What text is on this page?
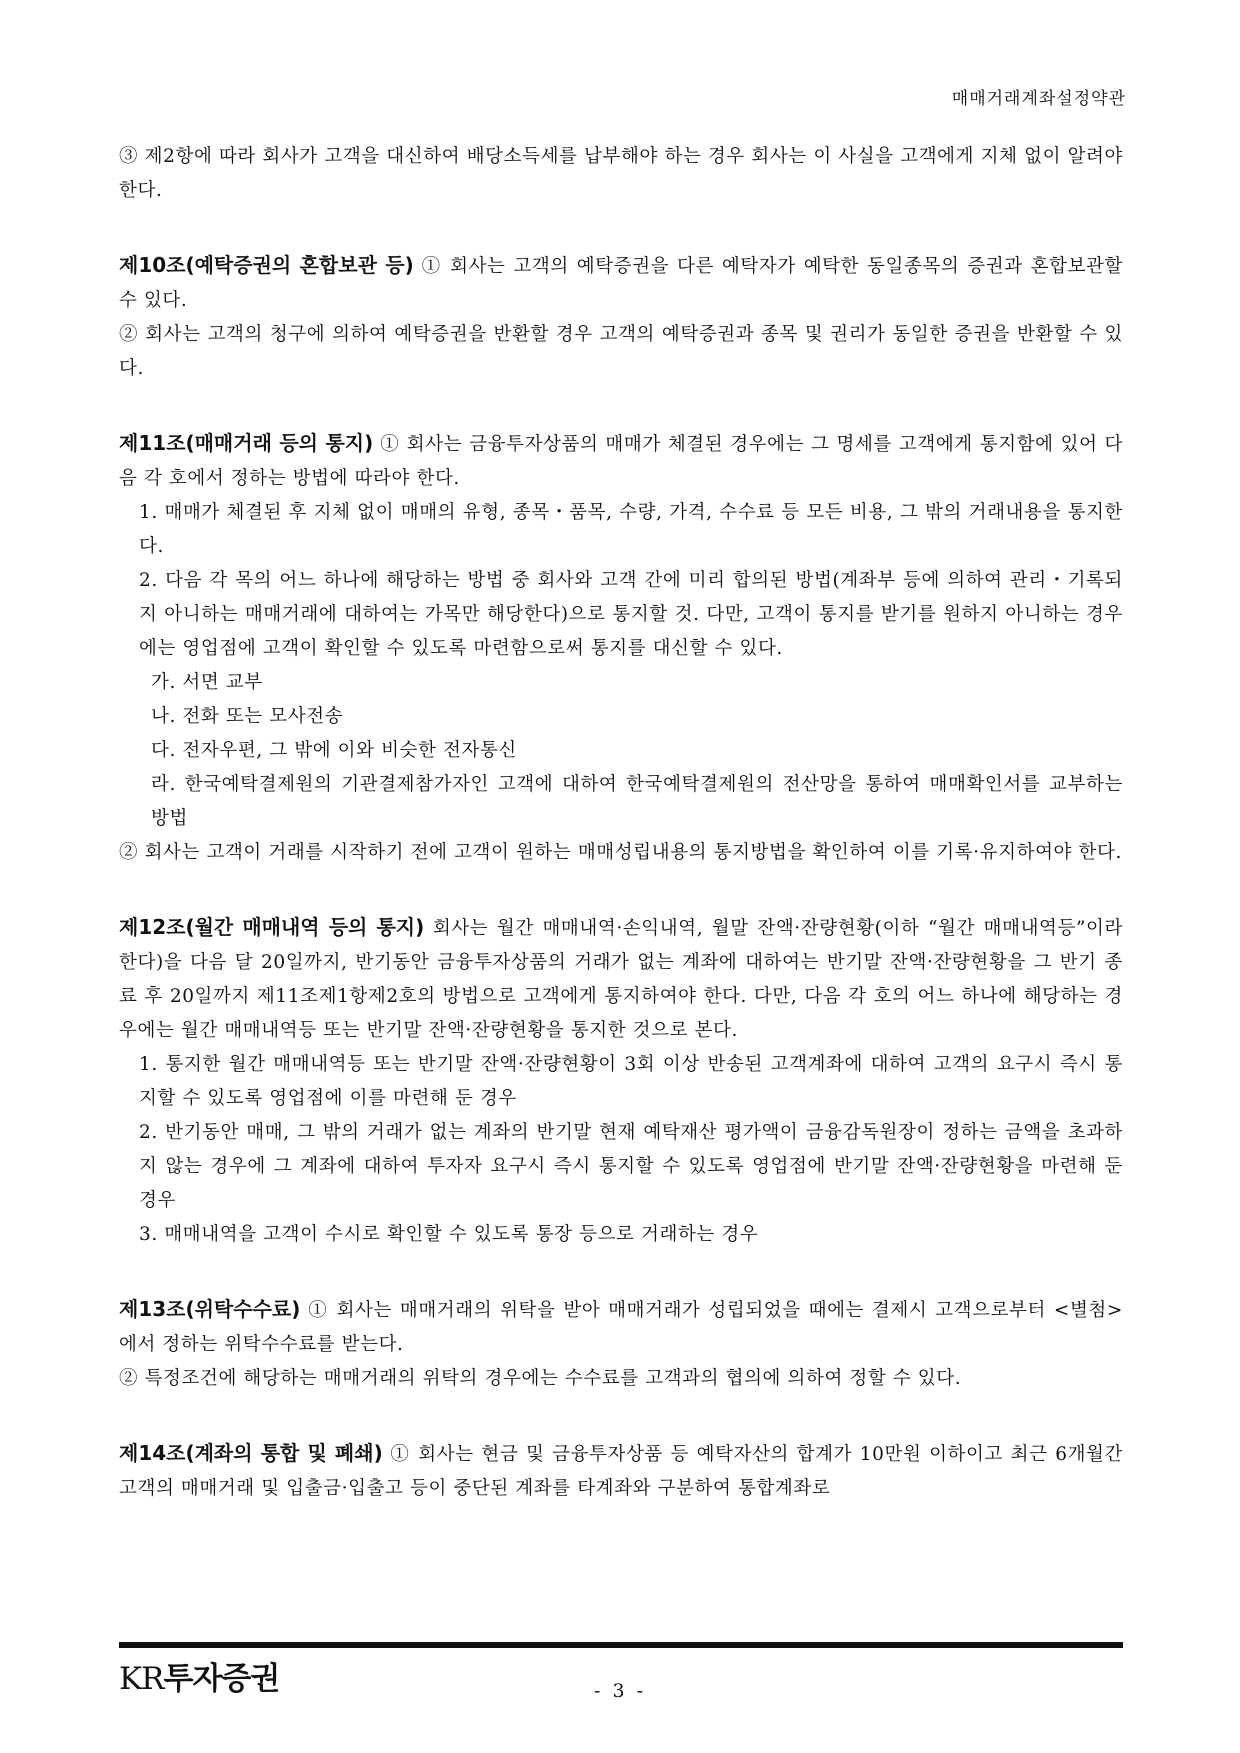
매매거래계좌설정약관

③ 제2항에 따라 회사가 고객을 대신하여 배당소득세를 납부해야 하는 경우 회사는 이 사실을 고객에게 지체 없이 알려야 한다.

제10조(예탁증권의 혼합보관 등) ① 회사는 고객의 예탁증권을 다른 예탁자가 예탁한 동일종목의 증권과 혼합보관할 수 있다.

② 회사는 고객의 청구에 의하여 예탁증권을 반환할 경우 고객의 예탁증권과 종목 및 권리가 동일한 증권을 반환할 수 있다.

제11조(매매거래 등의 통지) ① 회사는 금융투자상품의 매매가 체결된 경우에는 그 명세를 고객에게 통지함에 있어 다음 각 호에서 정하는 방법에 따라야 한다.

1. 매매가 체결된 후 지체 없이 매매의 유형, 종목・품목, 수량, 가격, 수수료 등 모든 비용, 그 밖의 거래내용을 통지한다.

2. 다음 각 목의 어느 하나에 해당하는 방법 중 회사와 고객 간에 미리 합의된 방법(계좌부 등에 의하여 관리・기록되지 아니하는 매매거래에 대하여는 가목만 해당한다)으로 통지할 것. 다만, 고객이 통지를 받기를 원하지 아니하는 경우에는 영업점에 고객이 확인할 수 있도록 마련함으로써 통지를 대신할 수 있다.

가. 서면 교부

나. 전화 또는 모사전송

다. 전자우편, 그 밖에 이와 비슷한 전자통신

라. 한국예탁결제원의 기관결제참가자인 고객에 대하여 한국예탁결제원의 전산망을 통하여 매매확인서를 교부하는 방법

② 회사는 고객이 거래를 시작하기 전에 고객이 원하는 매매성립내용의 통지방법을 확인하여 이를 기록·유지하여야 한다.

제12조(월간 매매내역 등의 통지) 회사는 월간 매매내역·손익내역, 월말 잔액·잔량현황(이하 “월간 매매내역등”이라 한다)을 다음 달 20일까지, 반기동안 금융투자상품의 거래가 없는 계좌에 대하여는 반기말 잔액·잔량현황을 그 반기 종료 후 20일까지 제11조제1항제2호의 방법으로 고객에게 통지하여야 한다. 다만, 다음 각 호의 어느 하나에 해당하는 경우에는 월간 매매내역등 또는 반기말 잔액·잔량현황을 통지한 것으로 본다.

1. 통지한 월간 매매내역등 또는 반기말 잔액·잔량현황이 3회 이상 반송된 고객계좌에 대하여 고객의 요구시 즉시 통지할 수 있도록 영업점에 이를 마련해 둔 경우

2. 반기동안 매매, 그 밖의 거래가 없는 계좌의 반기말 현재 예탁재산 평가액이 금융감독원장이 정하는 금액을 초과하지 않는 경우에 그 계좌에 대하여 투자자 요구시 즉시 통지할 수 있도록 영업점에 반기말 잔액·잔량현황을 마련해 둔 경우

3. 매매내역을 고객이 수시로 확인할 수 있도록 통장 등으로 거래하는 경우

제13조(위탁수수료) ① 회사는 매매거래의 위탁을 받아 매매거래가 성립되었을 때에는 결제시 고객으로부터 <별첨>에서 정하는 위탁수수료를 받는다.

② 특정조건에 해당하는 매매거래의 위탁의 경우에는 수수료를 고객과의 협의에 의하여 정할 수 있다.

제14조(계좌의 통합 및 폐쇄) ① 회사는 현금 및 금융투자상품 등 예탁자산의 합계가 10만원 이하이고 최근 6개월간 고객의 매매거래 및 입출금·입출고 등이 중단된 계좌를 타계좌와 구분하여 통합계좌로

KR투자증권	- 3 -
